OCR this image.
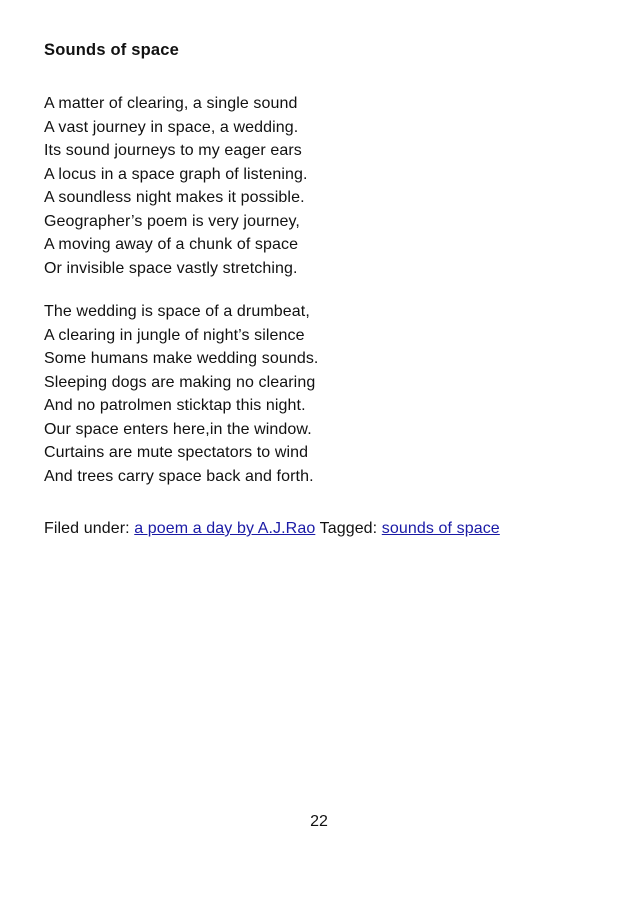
Sounds of space
A matter of clearing, a single sound
A vast journey in space, a wedding.
Its sound journeys to my eager ears
A locus in a space graph of listening.
A soundless night makes it possible.
Geographer’s poem is very journey,
A moving away of a chunk of space
Or invisible space vastly stretching.
The wedding is space of a drumbeat,
A clearing in jungle of night’s silence
Some humans make wedding sounds.
Sleeping dogs are making no clearing
And no patrolmen sticktap this night.
Our space enters here,in the window.
Curtains are mute spectators to wind
And trees carry space back and forth.
Filed under: a poem a day by A.J.Rao Tagged: sounds of space
22
